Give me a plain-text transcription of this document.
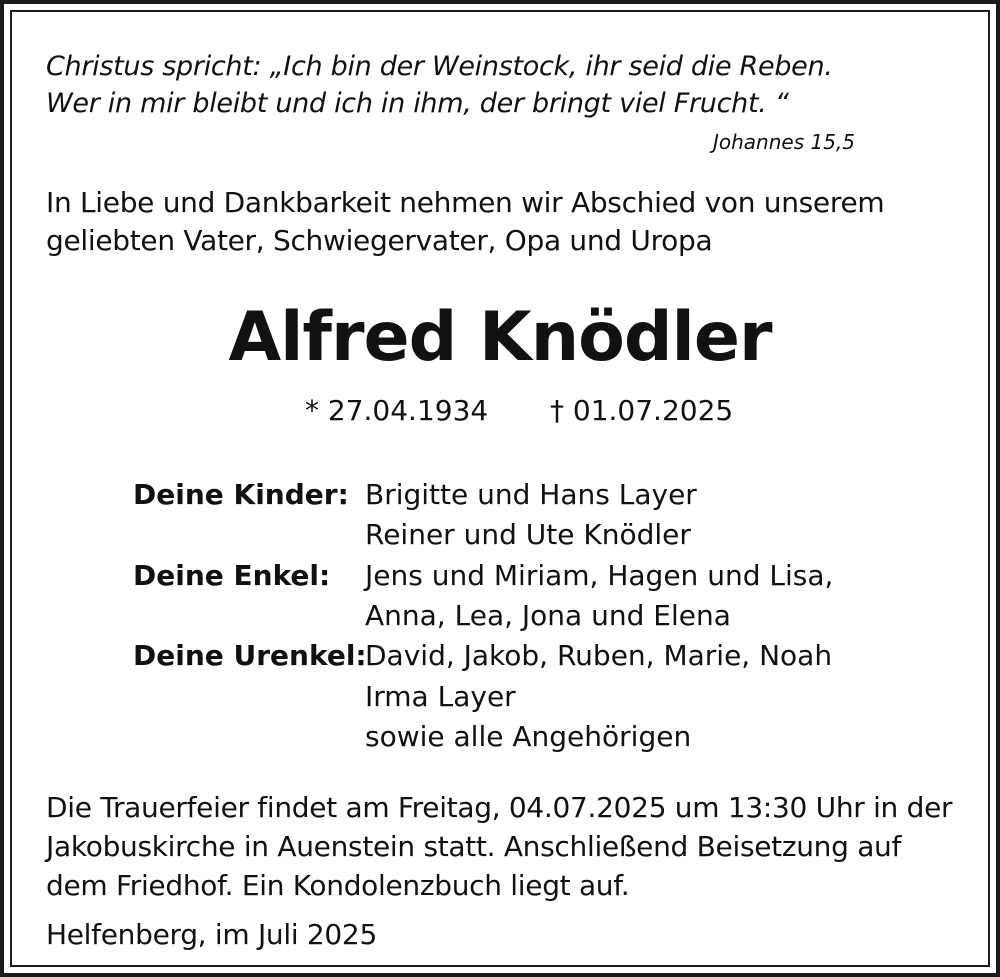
Christus spricht: „Ich bin der Weinstock, ihr seid die Reben.
Wer in mir bleibt und ich in ihm, der bringt viel Frucht. “
Johannes 15,5
In Liebe und Dankbarkeit nehmen wir Abschied von unserem
geliebten Vater, Schwiegervater, Opa und Uropa
Alfred Knödler
* 27.04.1934 † 01.07.2025
Deine Kinder: Brigitte und Hans Layer
Reiner und Ute Knödler
Deine Enkel: Jens und Miriam, Hagen und Lisa,
Anna, Lea, Jona und Elena
Deine Urenkel:
David, Jakob, Ruben, Marie, Noah
Irma Layer
sowie alle Angehörigen
Die Trauerfeier findet am Freitag, 04.07.2025 um 13:30 Uhr in der
Jakobuskirche in Auenstein statt. Anschließend Beisetzung auf
dem Friedhof. Ein Kondolenzbuch liegt auf.
Helfenberg, im Juli 2025
